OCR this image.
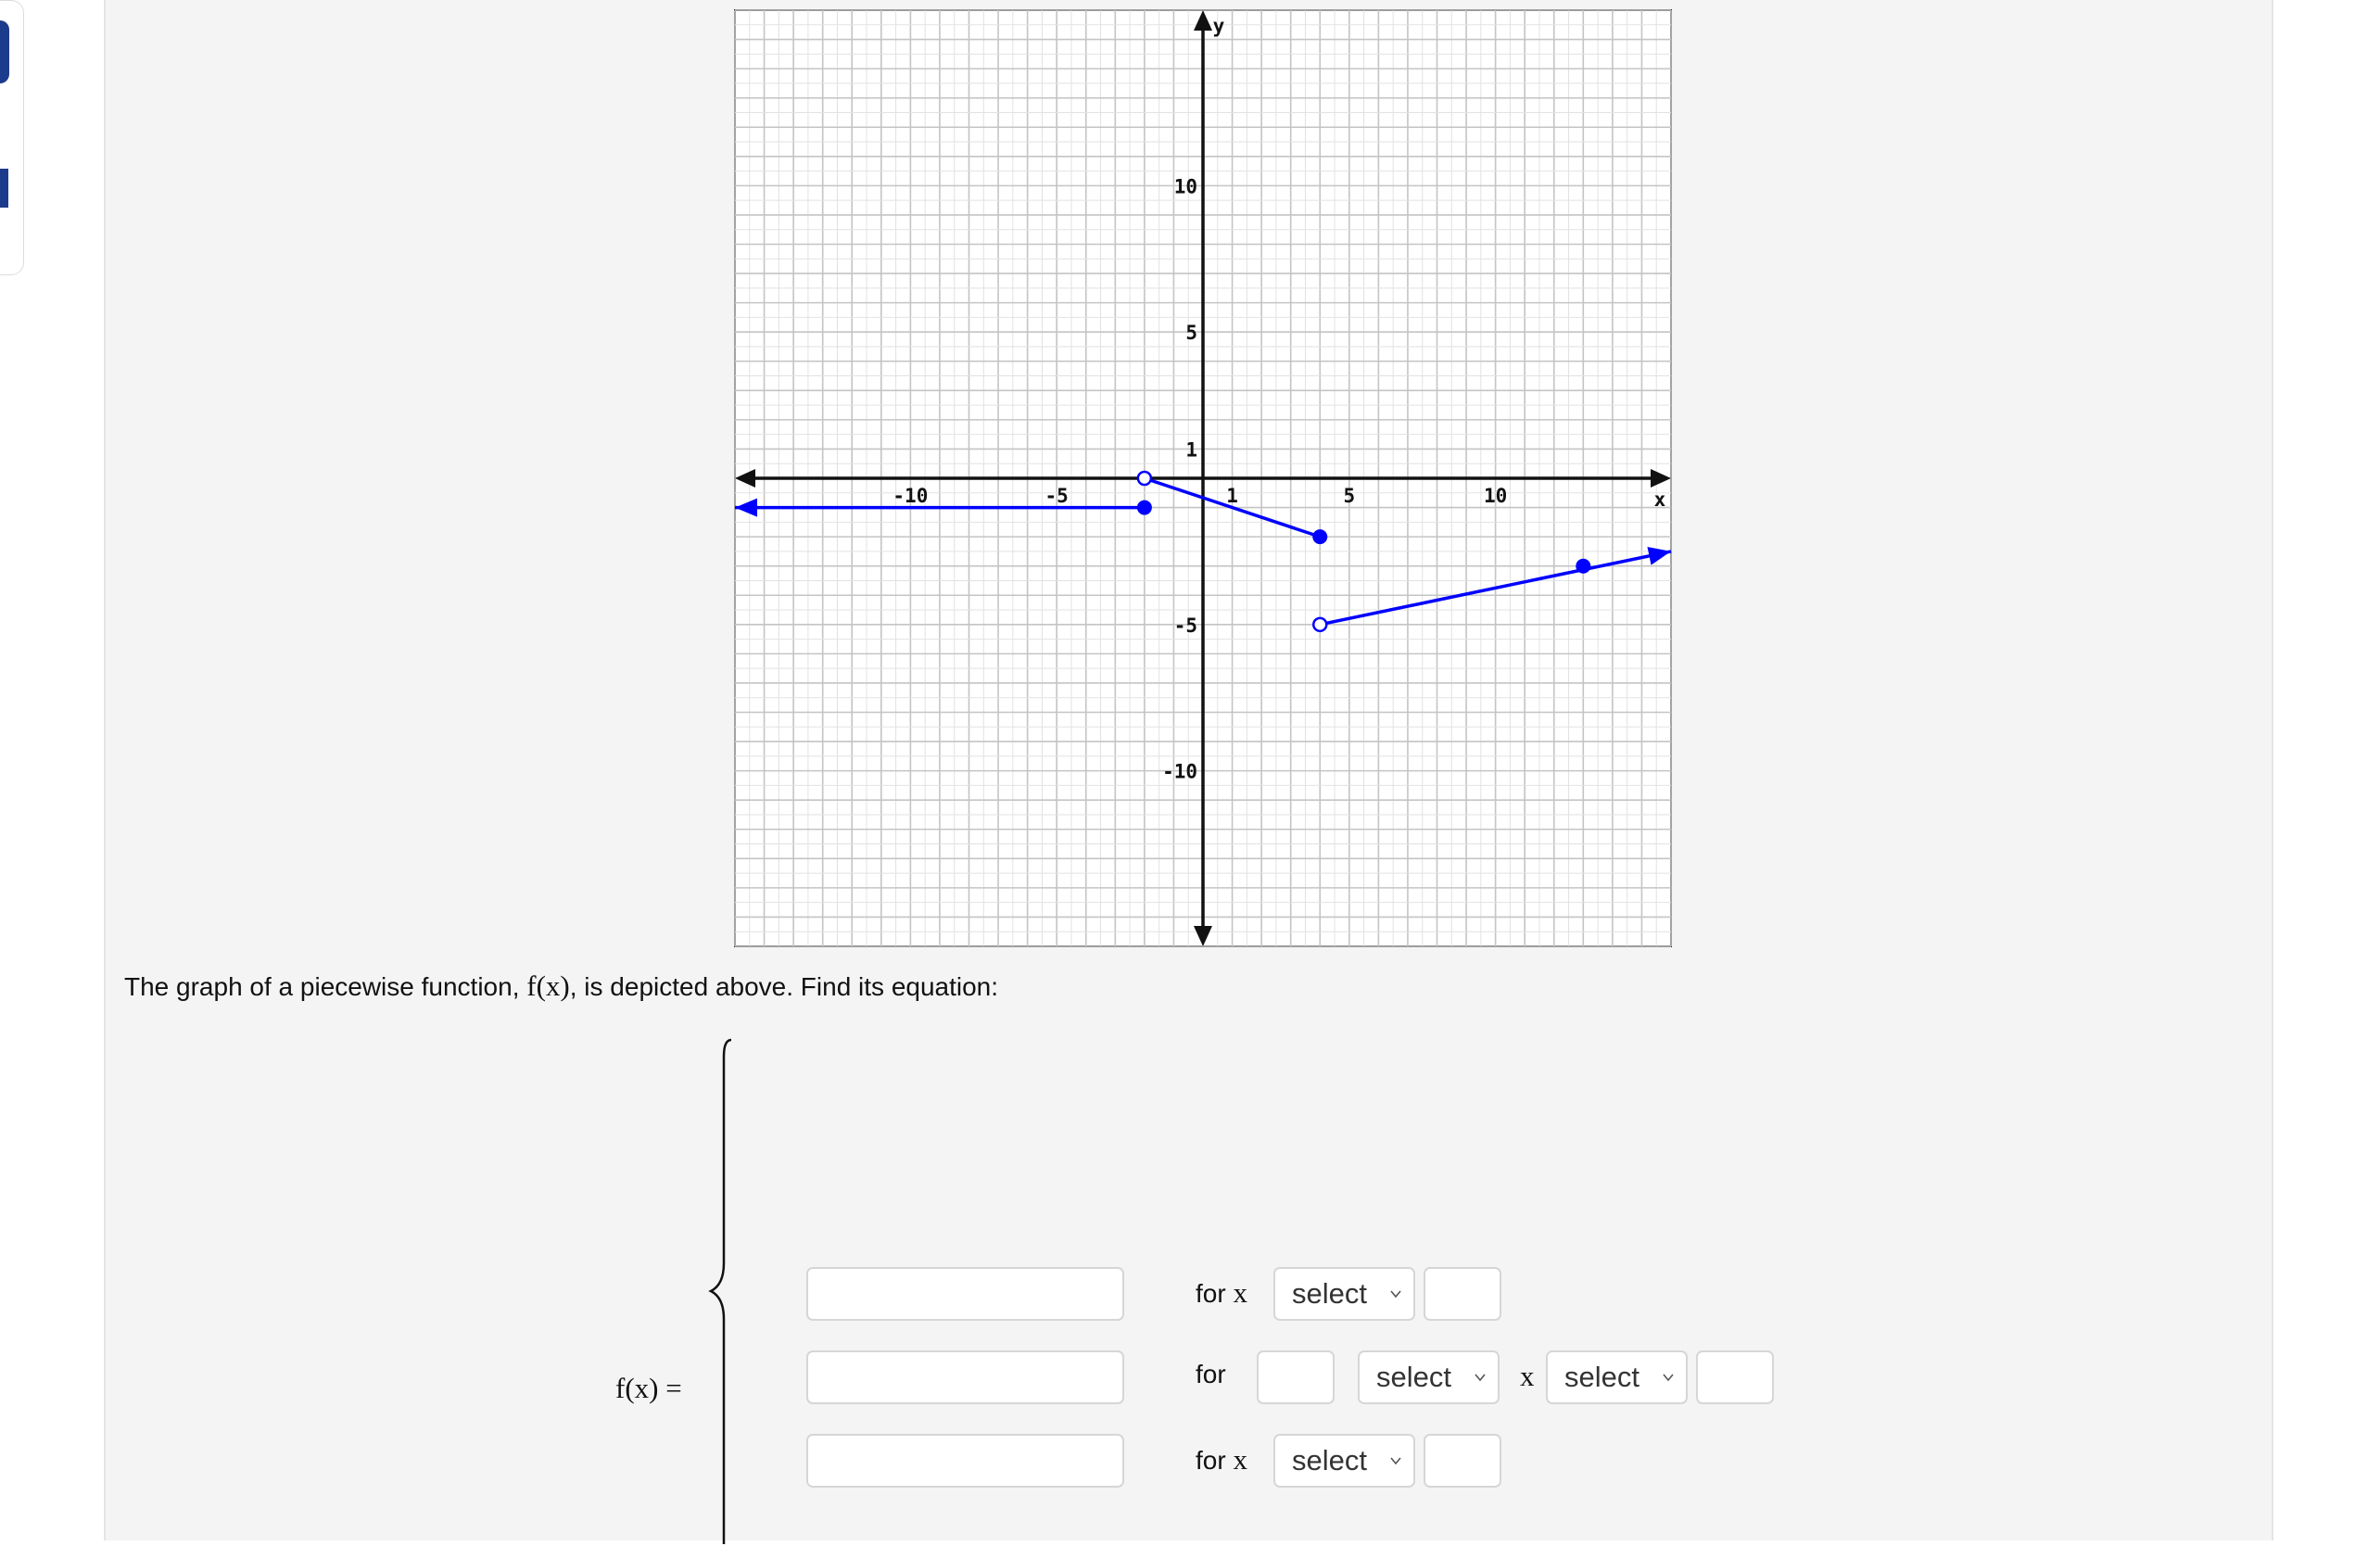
-10	-5	1	5	10
10
5
1
-5
-10
x
y
The graph of a piecewise function, f(x), is depicted above. Find its equation:
f(x) =
for x select
for	select x select
for x select
